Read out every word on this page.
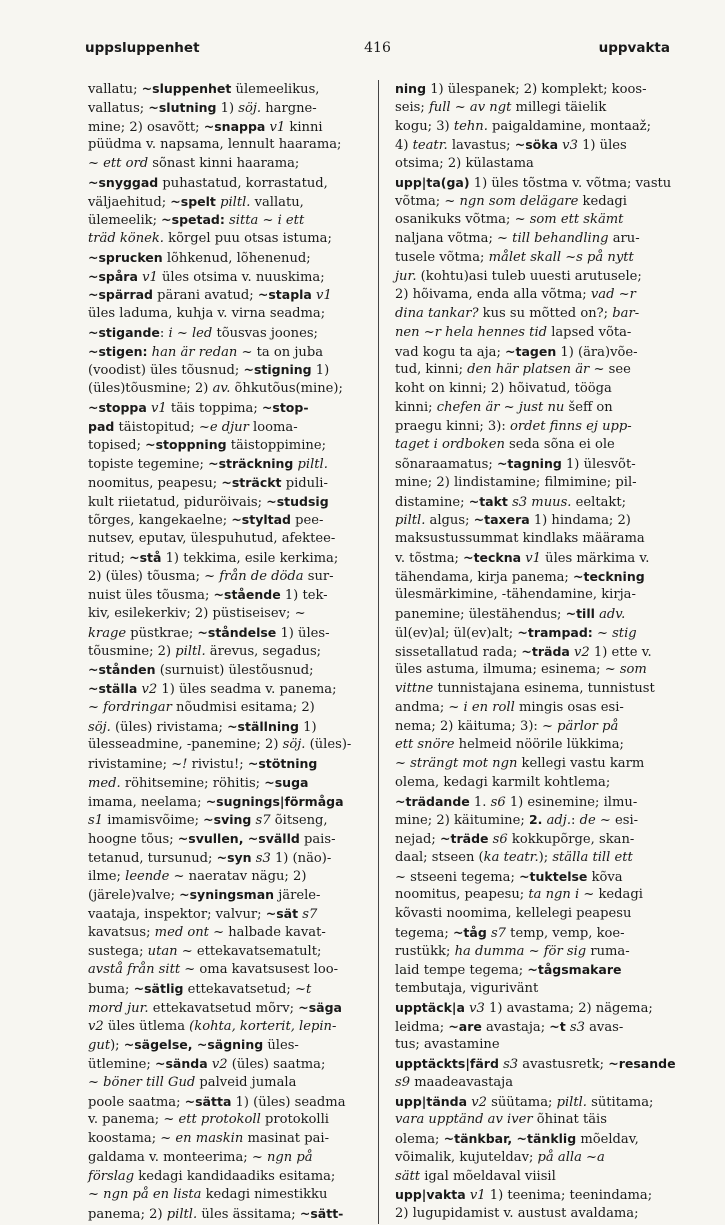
uppsluppenhet	416	uppvakta
vallatu; ~sluppenhet ülemeelikus,
vallatus; ~slutning 1) söj. hargne-
mine; 2) osavõtt; ~snappa v1 kinni
püüdma v. napsama, lennult haarama;
~ ett ord sõnast kinni haarama;
~snyggad puhastatud, korrastatud,
väljaehitud; ~spelt piltl. vallatu,
ülemeelik; ~spetad: sitta ~ i ett
träd könek. kõrgel puu otsas istuma;
~sprucken lõhkenud, lõhenenud;
~spåra v1 üles otsima v. nuuskima;
~spärrad pärani avatud; ~stapla v1
üles laduma, kuhja v. virna seadma;
~stigande: i ~ led tõusvas joones;
~stigen: han är redan ~ ta on juba
(voodist) üles tõusnud; ~stigning 1)
(üles)tõusmine; 2) av. õhkutõus(mine);
~stoppa v1 täis toppima; ~stop-
pad täistopitud; ~e djur looma-
topised; ~stoppning täistoppimine;
topiste tegemine; ~sträckning piltl.
noomitus, peapesu; ~sträckt piduli-
kult riietatud, piduröivais; ~studsig
tõrges, kangekaelne; ~styltad pee-
nutsev, eputav, ülespuhutud, afektee-
ritud; ~stå 1) tekkima, esile kerkima;
2) (üles) tõusma; ~ från de döda sur-
nuist üles tõusma; ~stående 1) tek-
kiv, esilekerkiv; 2) püstiseisev; ~
krage püstkrae; ~ståndelse 1) üles-
tõusmine; 2) piltl. ärevus, segadus;
~stånden (surnuist) ülestõusnud;
~ställa v2 1) üles seadma v. panema;
~ fordringar nõudmisi esitama; 2)
söj. (üles) rivistama; ~ställning 1)
ülesseadmine, -panemine; 2) söj. (üles)-
rivistamine; ~! rivistu!; ~stötning
med. röhitsemine; röhitis; ~suga
imama, neelama; ~sugnings|förmåga
s1 imamisvõime; ~sving s7 õitseng,
hoogne tõus; ~svullen, ~svälld pais-
tetanud, tursunud; ~syn s3 1) (näo)-
ilme; leende ~ naeratav nägu; 2)
(järele)valve; ~syningsman järele-
vaataja, inspektor; valvur; ~sät s7
kavatsus; med ont ~ halbade kavat-
sustega; utan ~ ettekavatsematult;
avstå från sitt ~ oma kavatsusest loo-
buma; ~sätlig ettekavatsetud; ~t
mord jur. ettekavatsetud mõrv; ~säga
v2 üles ütlema (kohta, korterit, lepin-
gut); ~sägelse, ~sägning üles-
ütlemine; ~sända v2 (üles) saatma;
~ böner till Gud palveid jumala
poole saatma; ~sätta 1) (üles) seadma
v. panema; ~ ett protokoll protokolli
koostama; ~ en maskin masinat pai-
galdama v. monteerima; ~ ngn på
förslag kedagi kandidaadiks esitama;
~ ngn på en lista kedagi nimestikku
panema; 2) piltl. üles ässitama; ~sätt-
ning 1) ülespanek; 2) komplekt; koos-
seis; full ~ av ngt millegi täielik
kogu; 3) tehn. paigaldamine, montaaž;
4) teatr. lavastus; ~söka v3 1) üles
otsima; 2) külastama
upp|ta(ga) 1) üles tõstma v. võtma; vastu
võtma; ~ ngn som delägare kedagi
osanikuks võtma; ~ som ett skämt
naljana võtma; ~ till behandling aru-
tusele võtma; målet skall ~s på nytt
jur. (kohtu)asi tuleb uuesti arutusele;
2) hõivama, enda alla võtma; vad ~r
dina tankar? kus su mõtted on?; bar-
nen ~r hela hennes tid lapsed võta-
vad kogu ta aja; ~tagen 1) (ära)võe-
tud, kinni; den här platsen är ~ see
koht on kinni; 2) hõivatud, tööga
kinni; chefen är ~ just nu šeff on
praegu kinni; 3): ordet finns ej upp-
taget i ordboken seda sõna ei ole
sõnaraamatus; ~tagning 1) ülesvõt-
mine; 2) lindistamine; filmimine; pil-
distamine; ~takt s3 muus. eeltakt;
piltl. algus; ~taxera 1) hindama; 2)
maksustussummat kindlaks määrama
v. tõstma; ~teckna v1 üles märkima v.
tähendama, kirja panema; ~teckning
ülesmärkimine, -tähendamine, kirja-
panemine; ülestähendus; ~till adv.
ül(ev)al; ül(ev)alt; ~trampad: ~ stig
sissetallatud rada; ~träda v2 1) ette v.
üles astuma, ilmuma; esinema; ~ som
vittne tunnistajana esinema, tunnistust
andma; ~ i en roll mingis osas esi-
nema; 2) käituma; 3): ~ pärlor på
ett snöre helmeid nöörile lükkima;
~ strängt mot ngn kellegi vastu karm
olema, kedagi karmilt kohtlema;
~trädande 1. s6 1) esinemine; ilmu-
mine; 2) käitumine; 2. adj.: de ~ esi-
nejad; ~träde s6 kokkupõrge, skan-
daal; stseen (ka teatr.); ställa till ett
~ stseeni tegema; ~tuktelse kõva
noomitus, peapesu; ta ngn i ~ kedagi
kõvasti noomima, kellelegi peapesu
tegema; ~tåg s7 temp, vemp, koe-
rustükk; ha dumma ~ för sig ruma-
laid tempe tegema; ~tågsmakare
tembutaja, vigurivänt
upptäck|a v3 1) avastama; 2) nägema;
leidma; ~are avastaja; ~t s3 avas-
tus; avastamine
upptäckts|färd s3 avastusretk; ~resande
s9 maadeavastaja
upp|tända v2 süütama; piltl. sütitama;
vara upptänd av iver õhinat täis
olema; ~tänkbar, ~tänklig mõeldav,
võimalik, kujuteldav; på alla ~a
sätt igal mõeldaval viisil
upp|vakta v1 1) teenima; teenindama;
2) lugupidamist v. austust avaldama;
